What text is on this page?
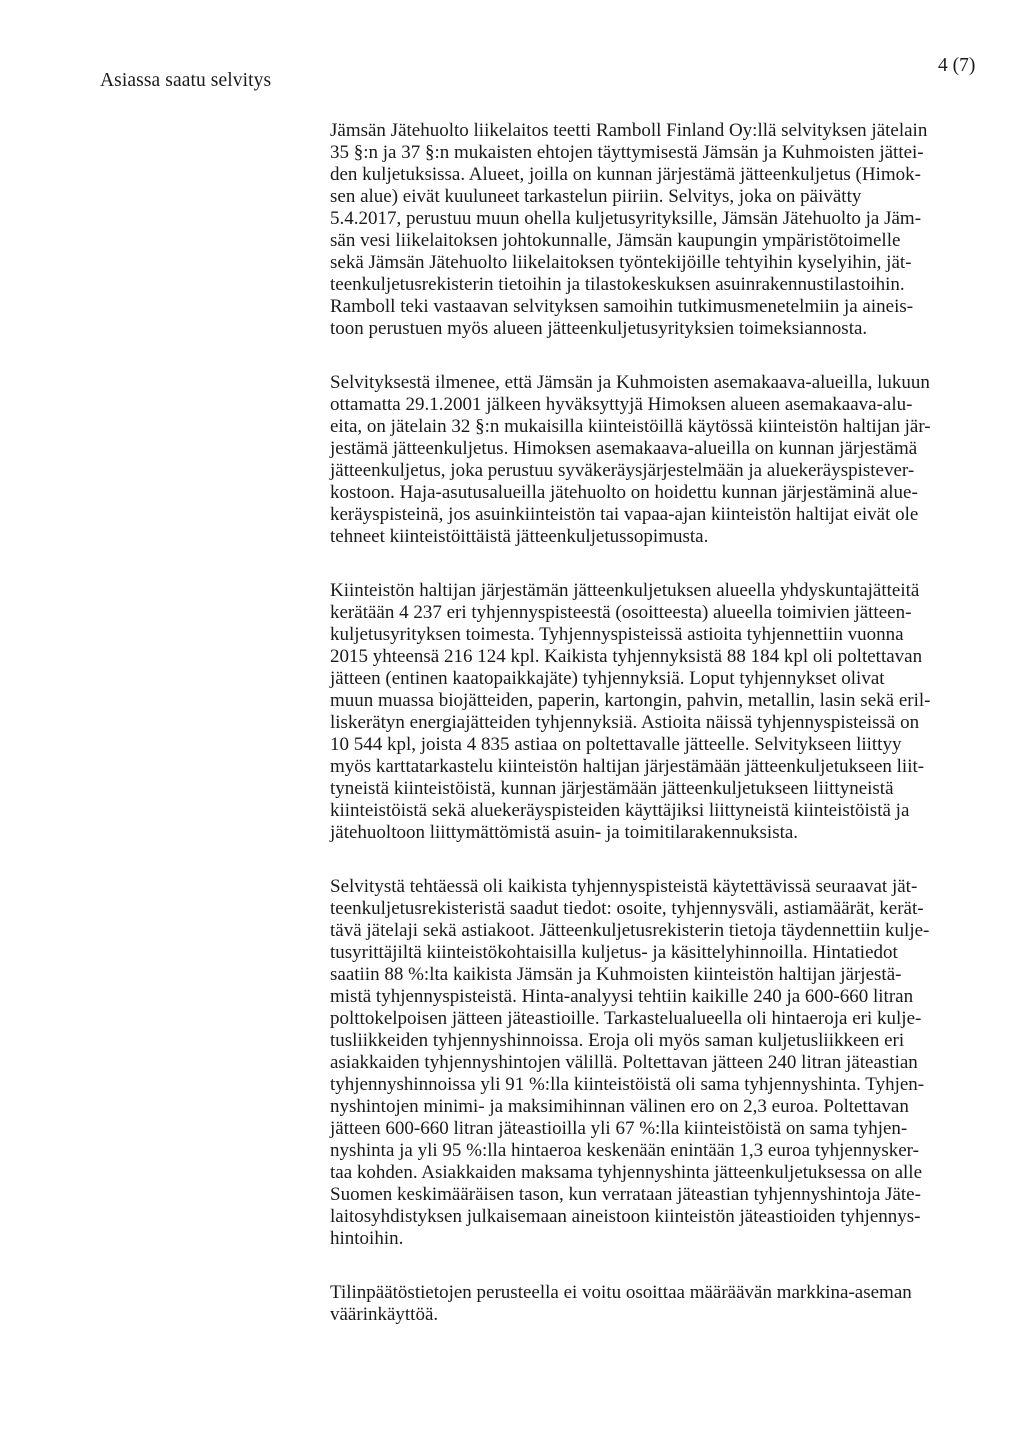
Asiassa saatu selvitys
4 (7)
Jämsän Jätehuolto liikelaitos teetti Ramboll Finland Oy:llä selvityksen jätelain
35 §:n ja 37 §:n mukaisten ehtojen täyttymisestä Jämsän ja Kuhmoisten jättei-
den kuljetuksissa. Alueet, joilla on kunnan järjestämä jätteenkuljetus (Himok-
sen alue) eivät kuuluneet tarkastelun piiriin. Selvitys, joka on päivätty
5.4.2017, perustuu muun ohella kuljetusyrityksille, Jämsän Jätehuolto ja Jäm-
sän vesi liikelaitoksen johtokunnalle, Jämsän kaupungin ympäristötoimelle
sekä Jämsän Jätehuolto liikelaitoksen työntekijöille tehtyihin kyselyihin, jät-
teenkuljetusrekisterin tietoihin ja tilastokeskuksen asuinrakennustilastoihin.
Ramboll teki vastaavan selvityksen samoihin tutkimusmenetelmiin ja aineis-
toon perustuen myös alueen jätteenkuljetusyrityksien toimeksiannosta.
Selvityksestä ilmenee, että Jämsän ja Kuhmoisten asemakaava-alueilla, lukuun
ottamatta 29.1.2001 jälkeen hyväksyttyjä Himoksen alueen asemakaava-alu-
eita, on jätelain 32 §:n mukaisilla kiinteistöillä käytössä kiinteistön haltijan jär-
jestämä jätteenkuljetus. Himoksen asemakaava-alueilla on kunnan järjestämä
jätteenkuljetus, joka perustuu syväkeräysjärjestelmään ja aluekeräyspistever-
kostoon. Haja-asutusalueilla jätehuolto on hoidettu kunnan järjestäminä alue-
keräyspisteinä, jos asuinkiinteistön tai vapaa-ajan kiinteistön haltijat eivät ole
tehneet kiinteistöittäistä jätteenkuljetussopimusta.
Kiinteistön haltijan järjestämän jätteenkuljetuksen alueella yhdyskuntajätteitä
kerätään 4 237 eri tyhjennyspisteestä (osoitteesta) alueella toimivien jätteen-
kuljetusyrityksen toimesta. Tyhjennyspisteissä astioita tyhjennettiin vuonna
2015 yhteensä 216 124 kpl. Kaikista tyhjennyksistä 88 184 kpl oli poltettavan
jätteen (entinen kaatopaikkajäte) tyhjennyksiä. Loput tyhjennykset olivat
muun muassa biojätteiden, paperin, kartongin, pahvin, metallin, lasin sekä eril-
liskerätyn energiajätteiden tyhjennyksiä. Astioita näissä tyhjennyspisteissä on
10 544 kpl, joista 4 835 astiaa on poltettavalle jätteelle. Selvitykseen liittyy
myös karttatarkastelu kiinteistön haltijan järjestämään jätteenkuljetukseen liit-
tyneistä kiinteistöistä, kunnan järjestämään jätteenkuljetukseen liittyneistä
kiinteistöistä sekä aluekeräyspisteiden käyttäjiksi liittyneistä kiinteistöistä ja
jätehuoltoon liittymättömistä asuin- ja toimitilarakennuksista.
Selvitystä tehtäessä oli kaikista tyhjennyspisteistä käytettävissä seuraavat jät-
teenkuljetusrekisteristä saadut tiedot: osoite, tyhjennysväli, astiamäärät, kerät-
tävä jätelaji sekä astiakoot. Jätteenkuljetusrekisterin tietoja täydennettiin kulje-
tusyrittäjiltä kiinteistökohtaisilla kuljetus- ja käsittelyhinnoilla. Hintatiedot
saatiin 88 %:lta kaikista Jämsän ja Kuhmoisten kiinteistön haltijan järjestä-
mistä tyhjennyspisteistä. Hinta-analyysi tehtiin kaikille 240 ja 600-660 litran
polttokelpoisen jätteen jäteastioille. Tarkastelualueella oli hintaeroja eri kulje-
tusliikkeiden tyhjennyshinnoissa. Eroja oli myös saman kuljetusliikkeen eri
asiakkaiden tyhjennyshintojen välillä. Poltettavan jätteen 240 litran jäteastian
tyhjennyshinnoissa yli 91 %:lla kiinteistöistä oli sama tyhjennyshinta. Tyhjen-
nyshintojen minimi- ja maksimihinnan välinen ero on 2,3 euroa. Poltettavan
jätteen 600-660 litran jäteastioilla yli 67 %:lla kiinteistöistä on sama tyhjen-
nyshinta ja yli 95 %:lla hintaeroa keskenään enintään 1,3 euroa tyhjennysker-
taa kohden. Asiakkaiden maksama tyhjennyshinta jätteenkuljetuksessa on alle
Suomen keskimääräisen tason, kun verrataan jäteastian tyhjennyshintoja Jäte-
laitosyhdistyksen julkaisemaan aineistoon kiinteistön jäteastioiden tyhjennys-
hintoihin.
Tilinpäätöstietojen perusteella ei voitu osoittaa määräävän markkina-aseman
väärinkäyttöä.
